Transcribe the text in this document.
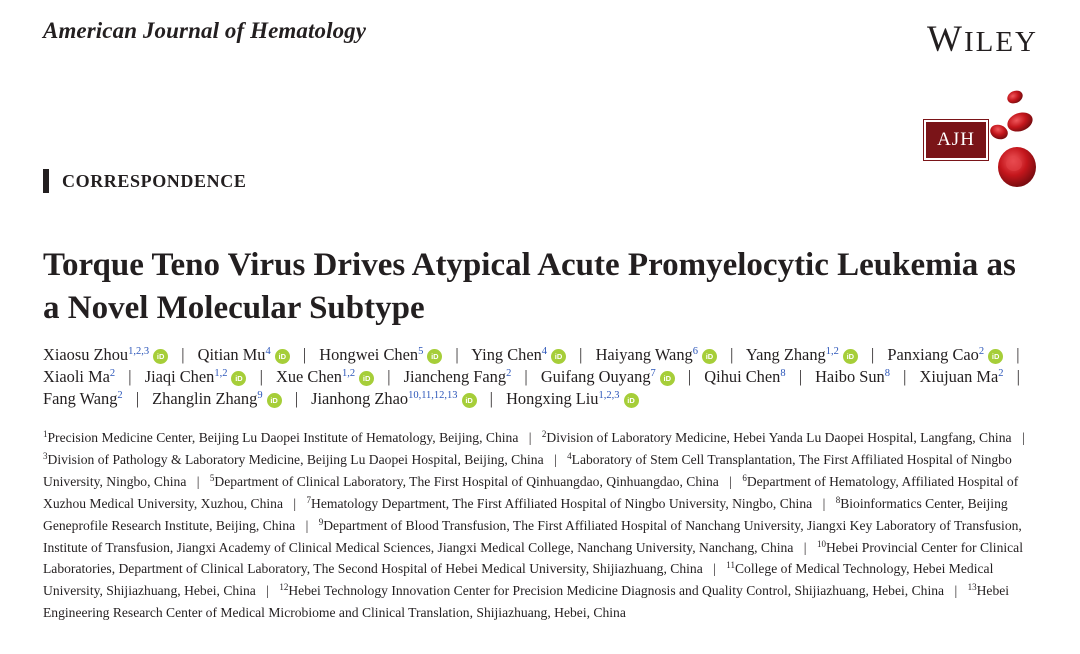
American Journal of Hematology	WILEY
AJH
CORRESPONDENCE
Torque Teno Virus Drives Atypical Acute Promyelocytic Leukemia as a Novel Molecular Subtype
Xiaosu Zhou$^{1,2,3}$ iD | Qitian Mu$^4$ iD | Hongwei Chen$^5$ iD | Ying Chen$^4$ iD | Haiyang Wang$^6$ iD | Yang Zhang$^{1,2}$ iD | Panxiang Cao$^2$ iD | Xiaoli Ma$^2$ | Jiaqi Chen$^{1,2}$ iD | Xue Chen$^{1,2}$ iD | Jiancheng Fang$^2$ | Guifang Ouyang$^7$ iD | Qihui Chen$^8$ | Haibo Sun$^8$ | Xiujuan Ma$^2$ | Fang Wang$^2$ | Zhanglin Zhang$^9$ iD | Jianhong Zhao$^{10,11,12,13}$ iD | Hongxing Liu$^{1,2,3}$ iD
$^1$Precision Medicine Center, Beijing Lu Daopei Institute of Hematology, Beijing, China | $^2$Division of Laboratory Medicine, Hebei Yanda Lu Daopei Hospital, Langfang, China | $^3$Division of Pathology & Laboratory Medicine, Beijing Lu Daopei Hospital, Beijing, China | $^4$Laboratory of Stem Cell Transplantation, The First Affiliated Hospital of Ningbo University, Ningbo, China | $^5$Department of Clinical Laboratory, The First Hospital of Qinhuangdao, Qinhuangdao, China | $^6$Department of Hematology, Affiliated Hospital of Xuzhou Medical University, Xuzhou, China | $^7$Hematology Department, The First Affiliated Hospital of Ningbo University, Ningbo, China | $^8$Bioinformatics Center, Beijing Geneprofile Research Institute, Beijing, China | $^9$Department of Blood Transfusion, The First Affiliated Hospital of Nanchang University, Jiangxi Key Laboratory of Transfusion, Institute of Transfusion, Jiangxi Academy of Clinical Medical Sciences, Jiangxi Medical College, Nanchang University, Nanchang, China | $^{10}$Hebei Provincial Center for Clinical Laboratories, Department of Clinical Laboratory, The Second Hospital of Hebei Medical University, Shijiazhuang, China | $^{11}$College of Medical Technology, Hebei Medical University, Shijiazhuang, Hebei, China | $^{12}$Hebei Technology Innovation Center for Precision Medicine Diagnosis and Quality Control, Shijiazhuang, Hebei, China | $^{13}$Hebei Engineering Research Center of Medical Microbiome and Clinical Translation, Shijiazhuang, Hebei, China
